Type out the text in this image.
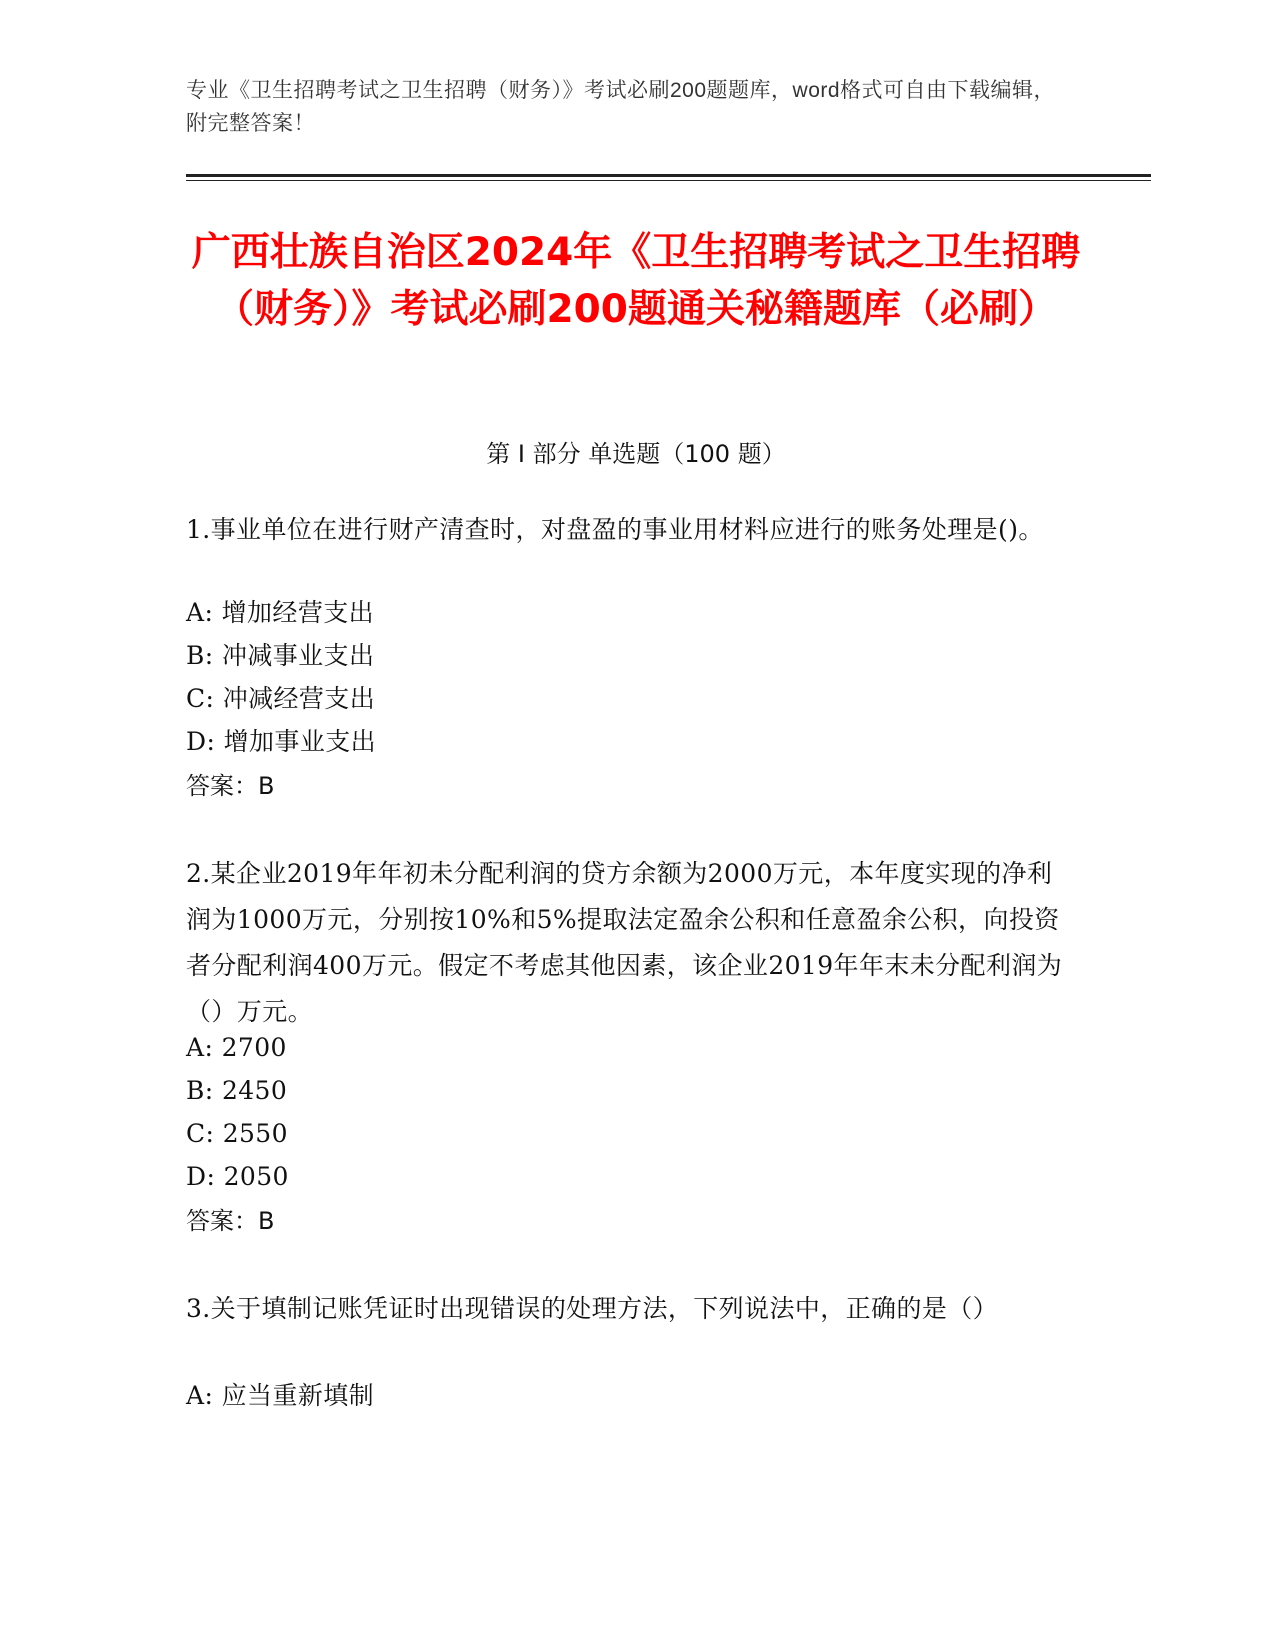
专业《卫生招聘考试之卫生招聘（财务）》考试必刷200题题库，word格式可自由下载编辑，附完整答案！
广西壮族自治区2024年《卫生招聘考试之卫生招聘（财务）》考试必刷200题通关秘籍题库（必刷）
第 I 部分 单选题（100 题）
1.事业单位在进行财产清查时，对盘盈的事业用材料应进行的账务处理是()。
A: 增加经营支出
B: 冲减事业支出
C: 冲减经营支出
D: 增加事业支出
答案：B
2.某企业2019年年初未分配利润的贷方余额为2000万元，本年度实现的净利润为1000万元，分别按10%和5%提取法定盈余公积和任意盈余公积，向投资者分配利润400万元。假定不考虑其他因素，该企业2019年年末未分配利润为（）万元。
A: 2700
B: 2450
C: 2550
D: 2050
答案：B
3.关于填制记账凭证时出现错误的处理方法，下列说法中，正确的是（）
A: 应当重新填制
